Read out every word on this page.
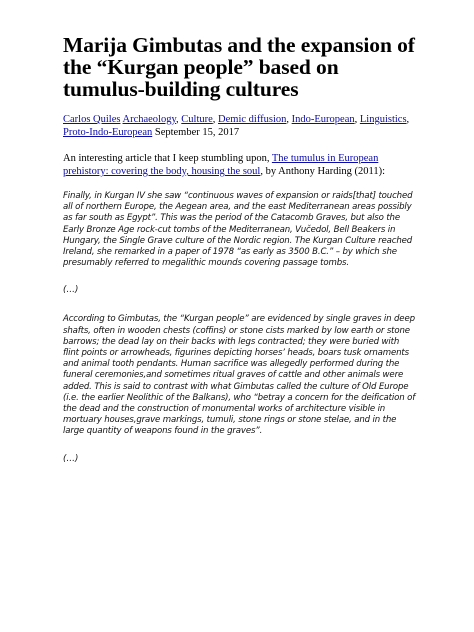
Marija Gimbutas and the expansion of the “Kurgan people” based on tumulus-building cultures

Carlos Quiles Archaeology, Culture, Demic diffusion, Indo-European, Linguistics, Proto-Indo-European September 15, 2017

An interesting article that I keep stumbling upon, The tumulus in European prehistory: covering the body, housing the soul, by Anthony Harding (2011):

Finally, in Kurgan IV she saw “continuous waves of expansion or raids[that] touched all of northern Europe, the Aegean area, and the east Mediterranean areas possibly as far south as Egypt”. This was the period of the Catacomb Graves, but also the Early Bronze Age rock-cut tombs of the Mediterranean, Vučedol, Bell Beakers in Hungary, the Single Grave culture of the Nordic region. The Kurgan Culture reached Ireland, she remarked in a paper of 1978 “as early as 3500 B.C.” – by which she presumably referred to megalithic mounds covering passage tombs.

(…)

According to Gimbutas, the “Kurgan people” are evidenced by single graves in deep shafts, often in wooden chests (coffins) or stone cists marked by low earth or stone barrows; the dead lay on their backs with legs contracted; they were buried with flint points or arrowheads, figurines depicting horses’ heads, boars tusk ornaments and animal tooth pendants. Human sacrifice was allegedly performed during the funeral ceremonies,and sometimes ritual graves of cattle and other animals were added. This is said to contrast with what Gimbutas called the culture of Old Europe (i.e. the earlier Neolithic of the Balkans), who “betray a concern for the deification of the dead and the construction of monumental works of architecture visible in mortuary houses,grave markings, tumuli, stone rings or stone stelae, and in the large quantity of weapons found in the graves”.

(…)
